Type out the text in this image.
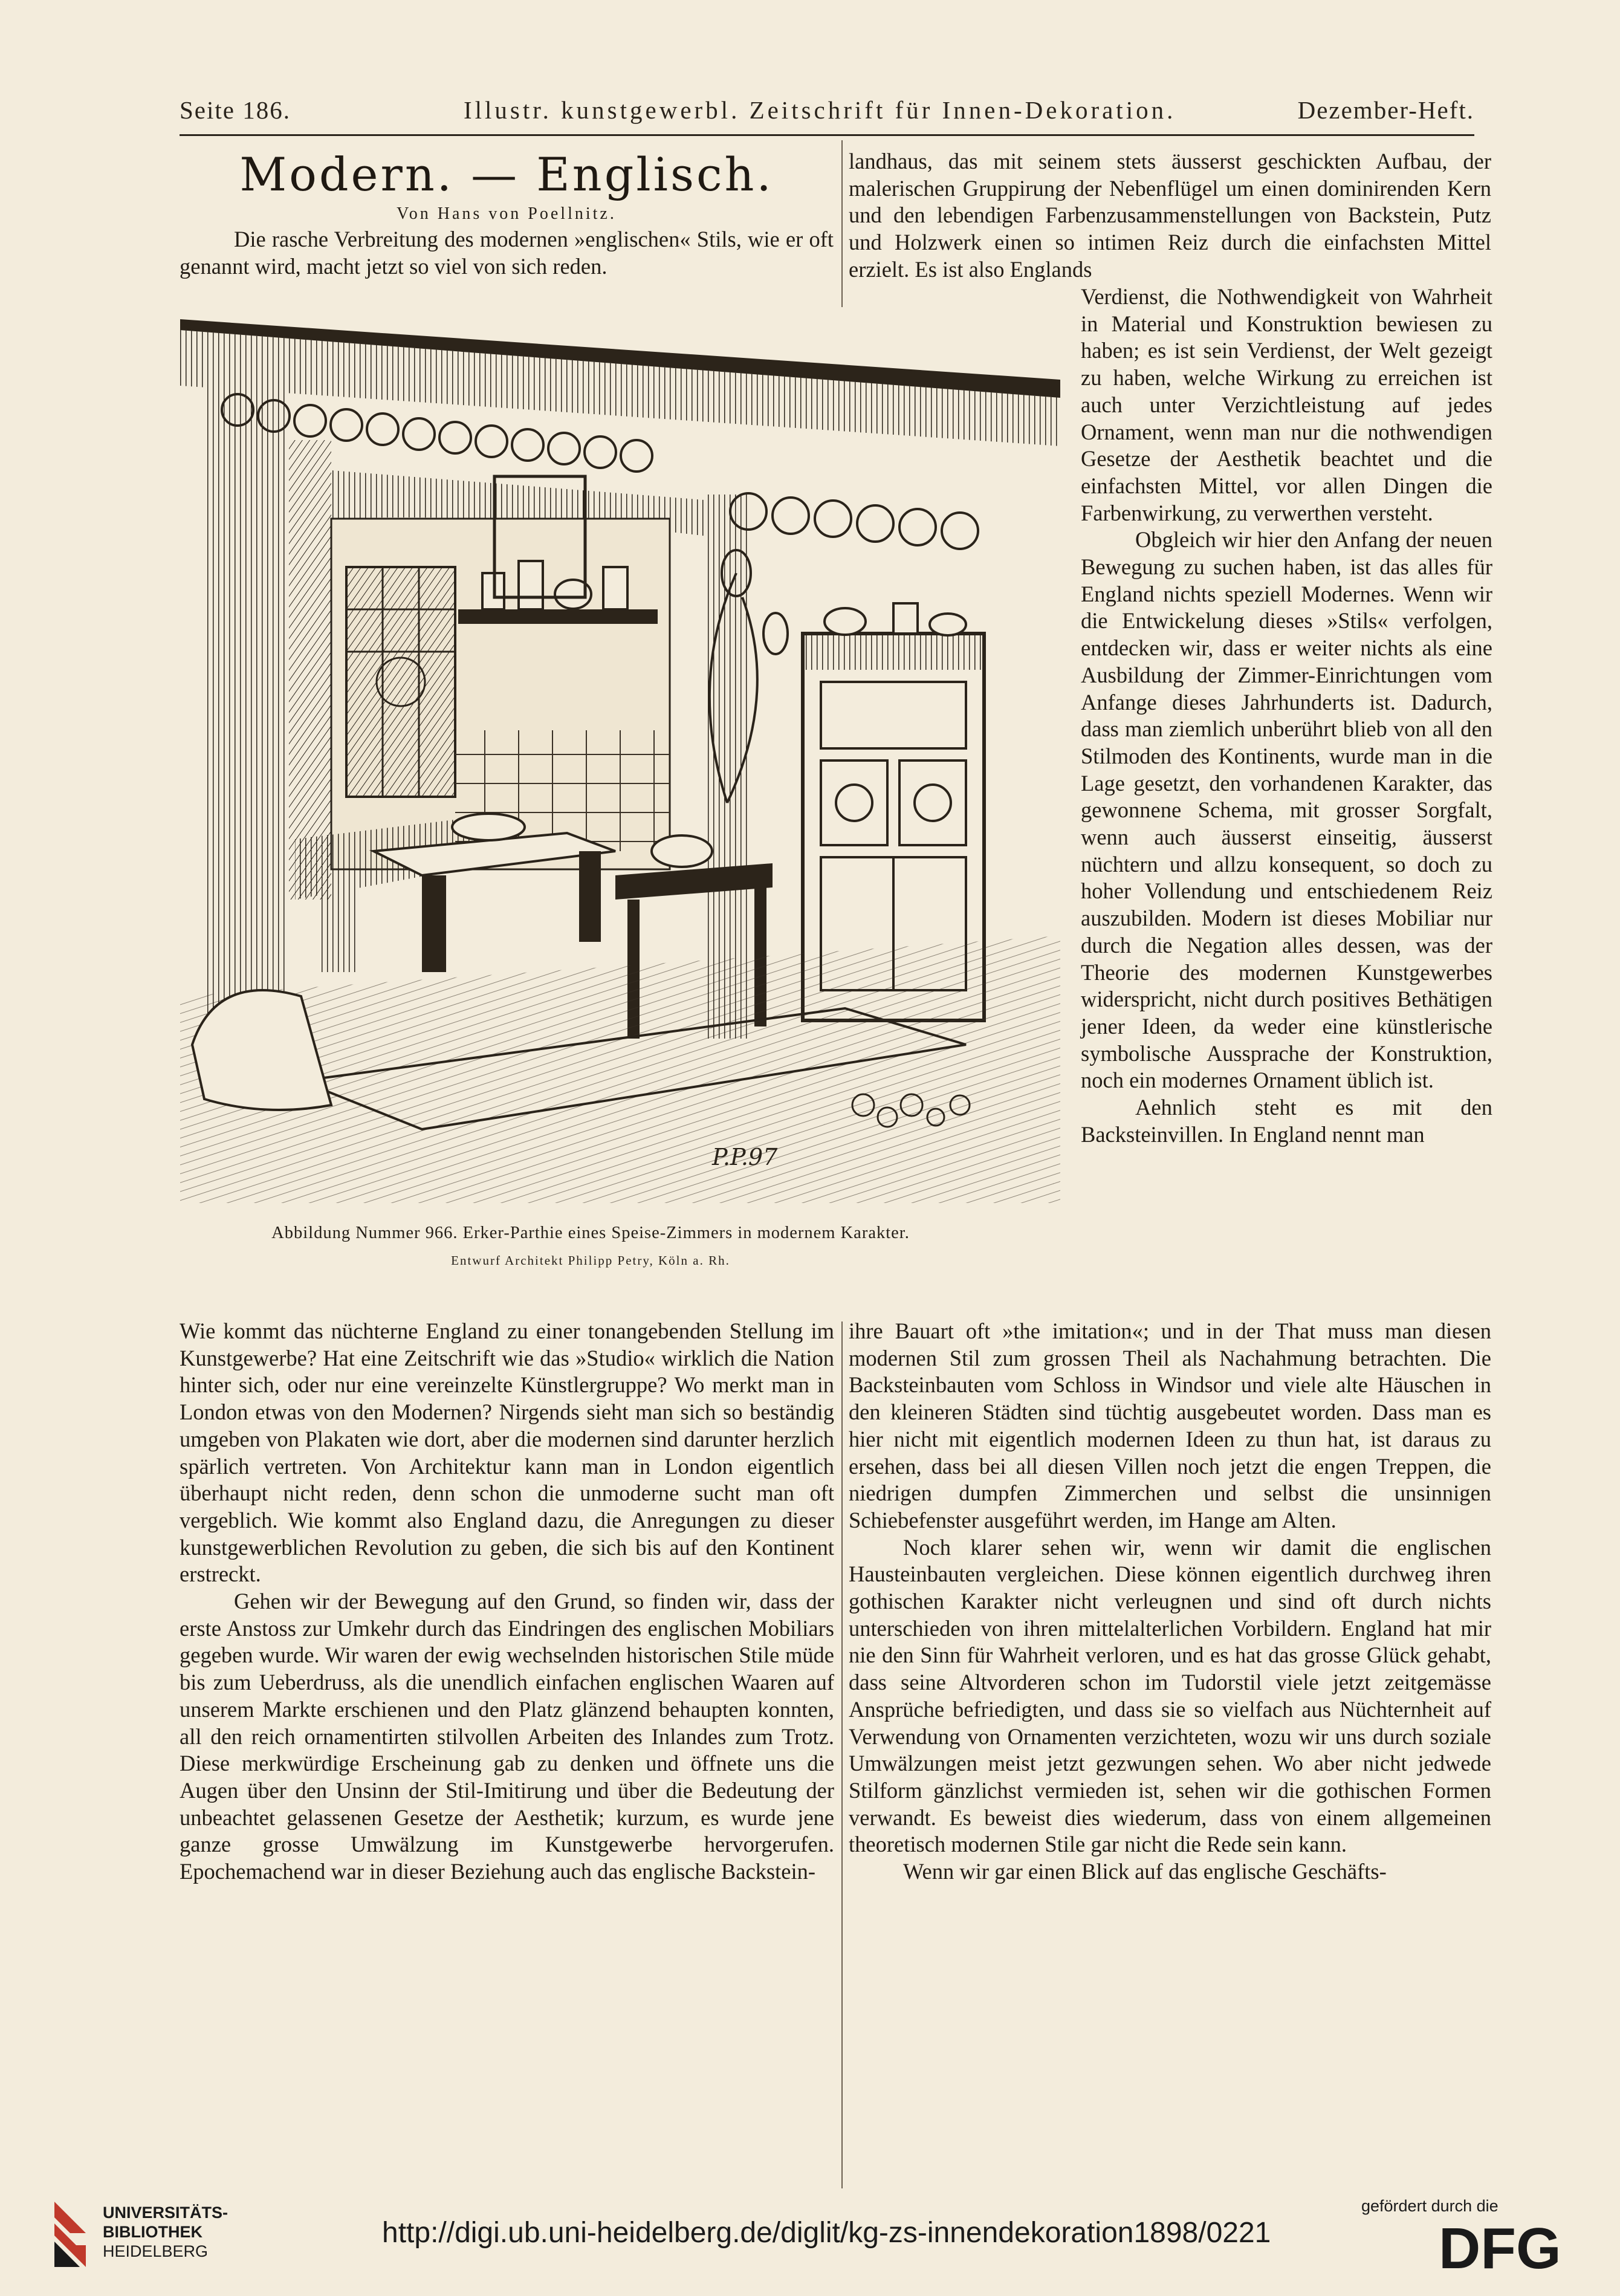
Seite 186.	Illustr. kunstgewerbl. Zeitschrift für Innen-Dekoration.	Dezember-Heft.
Modern. — Englisch.
Von Hans von Poellnitz.
Die rasche Verbreitung des modernen »englischen« Stils, wie er oft genannt wird, macht jetzt so viel von sich reden.
P.P.97
Abbildung Nummer 966. Erker-Parthie eines Speise-Zimmers in modernem Karakter.
Entwurf Architekt Philipp Petry, Köln a. Rh.
landhaus, das mit seinem stets äusserst geschickten Aufbau, der malerischen Gruppirung der Nebenflügel um einen dominirenden Kern und den lebendigen Farbenzusammenstellungen von Backstein, Putz und Holzwerk einen so intimen Reiz durch die einfachsten Mittel erzielt. Es ist also Englands

Verdienst, die Nothwendigkeit von Wahrheit in Material und Konstruktion bewiesen zu haben; es ist sein Verdienst, der Welt gezeigt zu haben, welche Wirkung zu erreichen ist auch unter Verzichtleistung auf jedes Ornament, wenn man nur die nothwendigen Gesetze der Aesthetik beachtet und die einfachsten Mittel, vor allen Dingen die Farbenwirkung, zu verwerthen versteht.

Obgleich wir hier den Anfang der neuen Bewegung zu suchen haben, ist das alles für England nichts speziell Modernes. Wenn wir die Entwickelung dieses »Stils« verfolgen, entdecken wir, dass er weiter nichts als eine Ausbildung der Zimmer-Einrichtungen vom Anfange dieses Jahrhunderts ist. Dadurch, dass man ziemlich unberührt blieb von all den Stilmoden des Kontinents, wurde man in die Lage gesetzt, den vorhandenen Karakter, das gewonnene Schema, mit grosser Sorgfalt, wenn auch äusserst einseitig, äusserst nüchtern und allzu konsequent, so doch zu hoher Vollendung und entschiedenem Reiz auszubilden. Modern ist dieses Mobiliar nur durch die Negation alles dessen, was der Theorie des modernen Kunstgewerbes widerspricht, nicht durch positives Bethätigen jener Ideen, da weder eine künstlerische symbolische Aussprache der Konstruktion, noch ein modernes Ornament üblich ist.

Aehnlich steht es mit den Backsteinvillen. In England nennt man

Wie kommt das nüchterne England zu einer tonangebenden Stellung im Kunstgewerbe? Hat eine Zeitschrift wie das »Studio« wirklich die Nation hinter sich, oder nur eine vereinzelte Künstlergruppe? Wo merkt man in London etwas von den Modernen? Nirgends sieht man sich so beständig umgeben von Plakaten wie dort, aber die modernen sind darunter herzlich spärlich vertreten. Von Architektur kann man in London eigentlich überhaupt nicht reden, denn schon die unmoderne sucht man oft vergeblich. Wie kommt also England dazu, die Anregungen zu dieser kunstgewerblichen Revolution zu geben, die sich bis auf den Kontinent erstreckt.

Gehen wir der Bewegung auf den Grund, so finden wir, dass der erste Anstoss zur Umkehr durch das Eindringen des englischen Mobiliars gegeben wurde. Wir waren der ewig wechselnden historischen Stile müde bis zum Ueberdruss, als die unendlich einfachen englischen Waaren auf unserem Markte erschienen und den Platz glänzend behaupten konnten, all den reich ornamentirten stilvollen Arbeiten des Inlandes zum Trotz. Diese merkwürdige Erscheinung gab zu denken und öffnete uns die Augen über den Unsinn der Stil-Imitirung und über die Bedeutung der unbeachtet gelassenen Gesetze der Aesthetik; kurzum, es wurde jene ganze grosse Umwälzung im Kunstgewerbe hervorgerufen. Epochemachend war in dieser Beziehung auch das englische Backstein-

ihre Bauart oft »the imitation«; und in der That muss man diesen modernen Stil zum grossen Theil als Nachahmung betrachten. Die Backsteinbauten vom Schloss in Windsor und viele alte Häuschen in den kleineren Städten sind tüchtig ausgebeutet worden. Dass man es hier nicht mit eigentlich modernen Ideen zu thun hat, ist daraus zu ersehen, dass bei all diesen Villen noch jetzt die engen Treppen, die niedrigen dumpfen Zimmerchen und selbst die unsinnigen Schiebefenster ausgeführt werden, im Hange am Alten.

Noch klarer sehen wir, wenn wir damit die englischen Hausteinbauten vergleichen. Diese können eigentlich durchweg ihren gothischen Karakter nicht verleugnen und sind oft durch nichts unterschieden von ihren mittelalterlichen Vorbildern. England hat mir nie den Sinn für Wahrheit verloren, und es hat das grosse Glück gehabt, dass seine Altvorderen schon im Tudorstil viele jetzt zeitgemässe Ansprüche befriedigten, und dass sie so vielfach aus Nüchternheit auf Verwendung von Ornamenten verzichteten, wozu wir uns durch soziale Umwälzungen meist jetzt gezwungen sehen. Wo aber nicht jedwede Stilform gänzlichst vermieden ist, sehen wir die gothischen Formen verwandt. Es beweist dies wiederum, dass von einem allgemeinen theoretisch modernen Stile gar nicht die Rede sein kann.

Wenn wir gar einen Blick auf das englische Geschäfts-

UNIVERSITÄTS-
BIBLIOTHEK
HEIDELBERG
http://digi.ub.uni-heidelberg.de/diglit/kg-zs-innendekoration1898/0221
gefördert durch die
DFG
